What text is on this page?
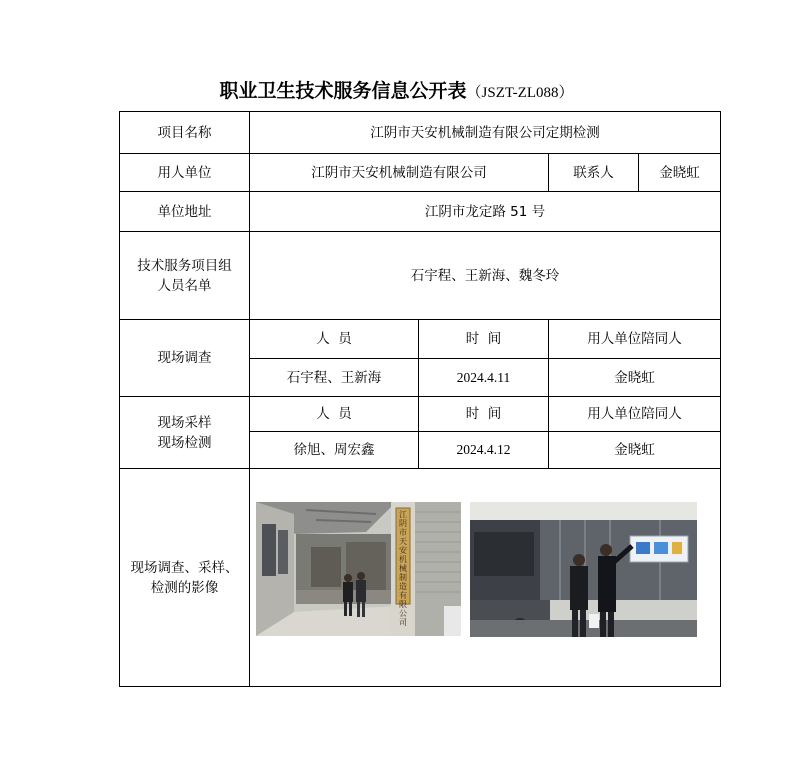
职业卫生技术服务信息公开表（JSZT-ZL088）
项目名称	江阴市天安机械制造有限公司定期检测			
用人单位	江阴市天安机械制造有限公司		联系人	金晓虹
单位地址	江阴市龙定路 51 号			

技术服务项目组
人员名单	石宇程、王新海、魏冬玲			
现场调查	人  员	时  间	用人单位陪同人	
	石宇程、王新海	2024.4.11	金晓虹	

现场采样
现场检测	人  员	时  间	用人单位陪同人	
	徐旭、周宏鑫	2024.4.12	金晓虹	

现场调查、采样、
检测的影像				

江阴市天安机械制造有限公司
